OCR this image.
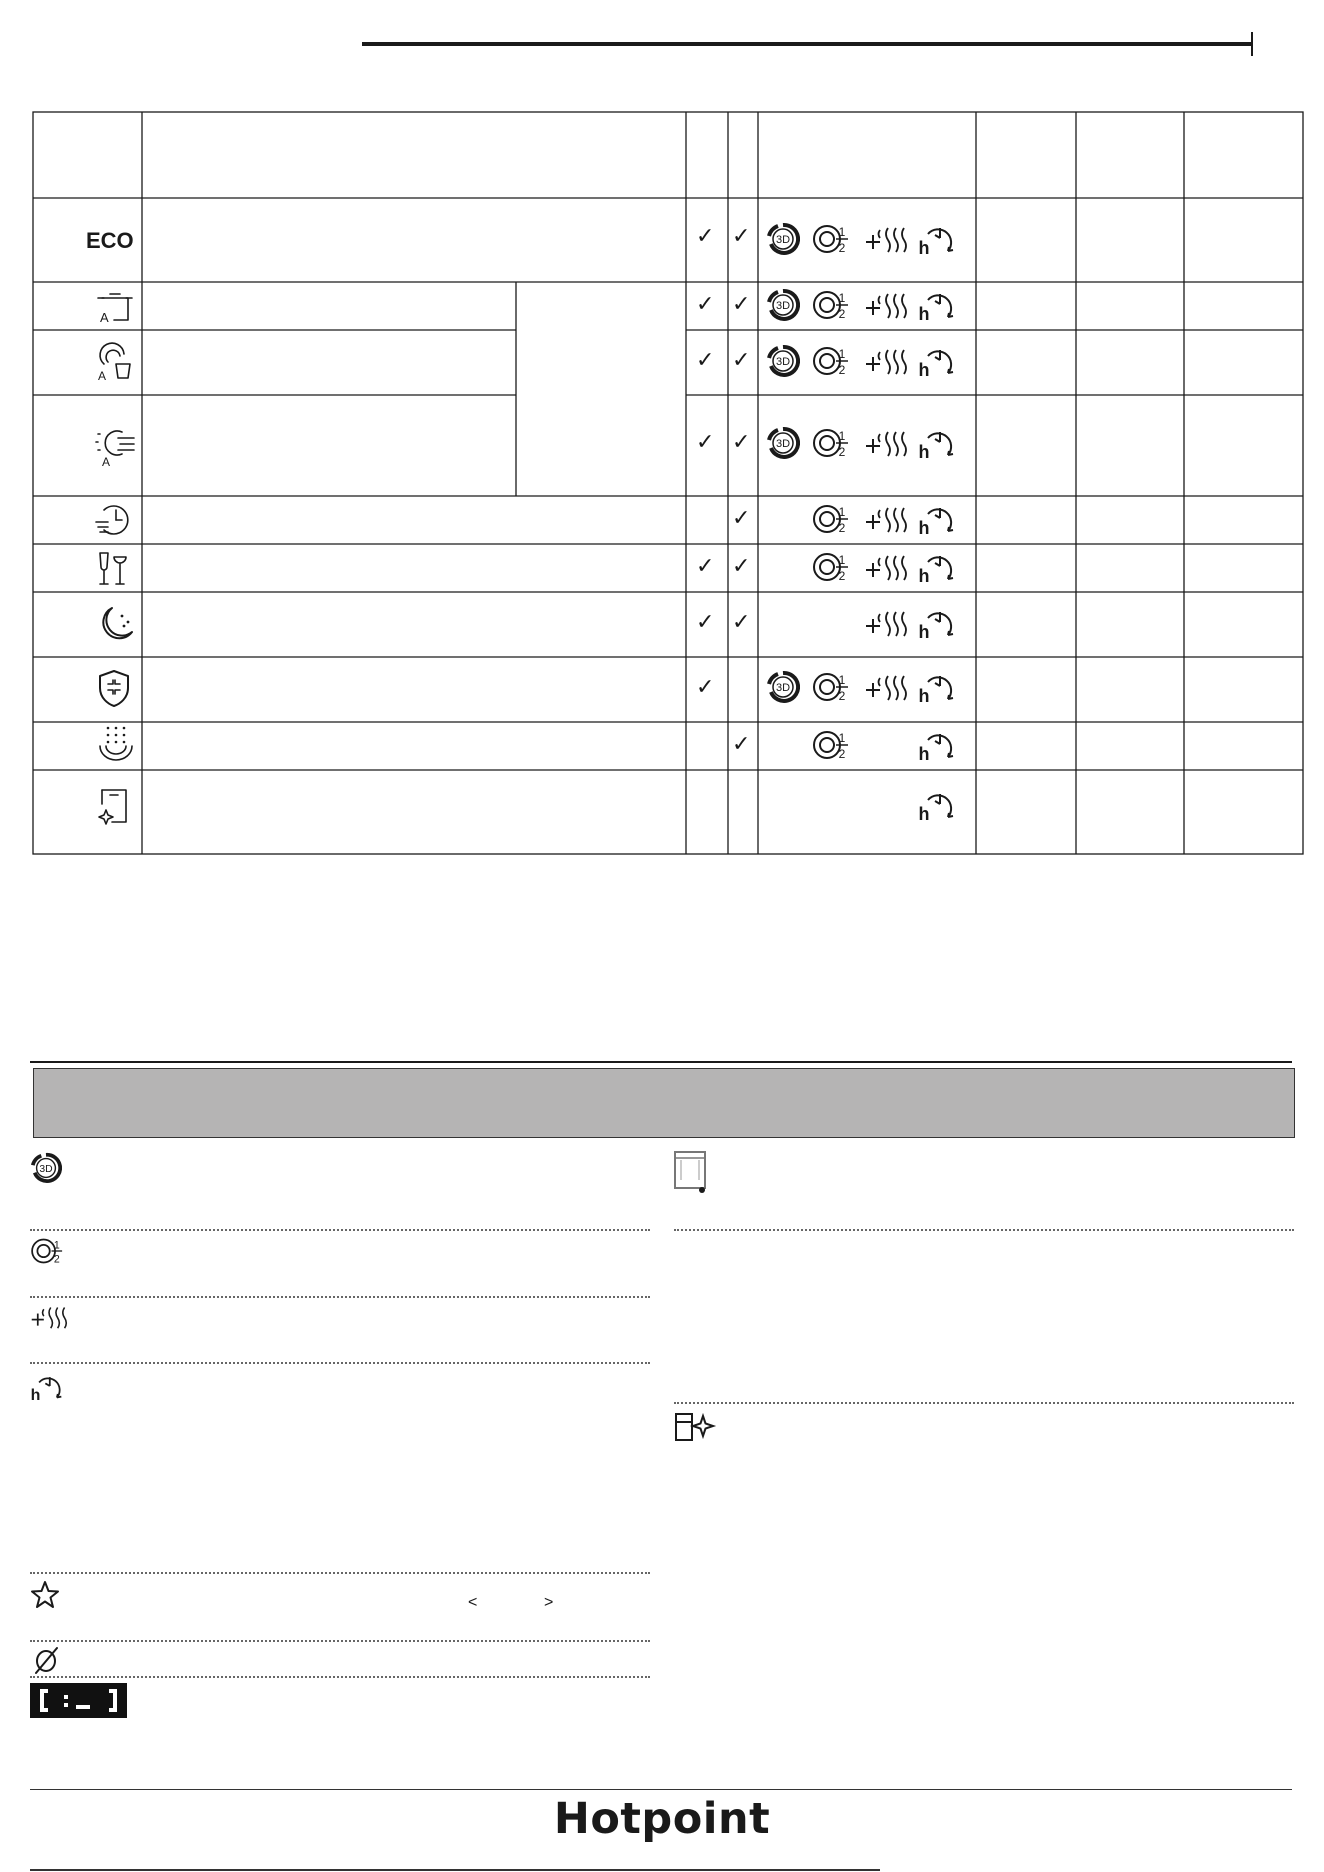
ECO
A
A
A
✓
✓
✓
✓
✓
✓
✓
✓
✓
✓
✓
✓
✓
✓
✓
<	>
Hotpoint
